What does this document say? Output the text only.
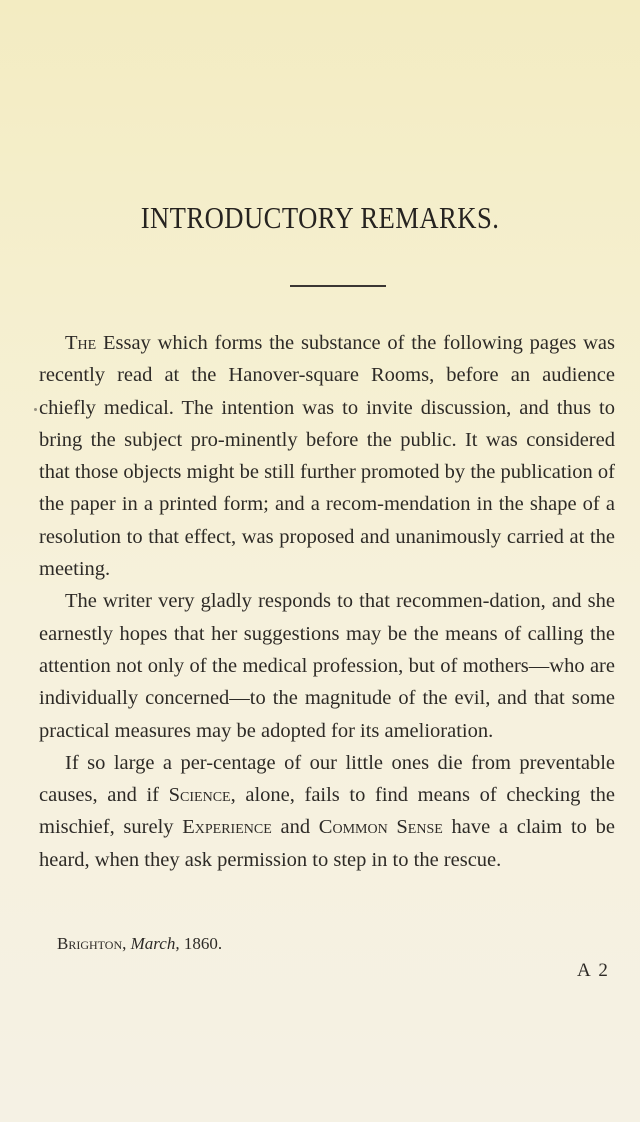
INTRODUCTORY REMARKS.

The Essay which forms the substance of the following pages was recently read at the Hanover-square Rooms, before an audience chiefly medical. The intention was to invite discussion, and thus to bring the subject pro-minently before the public. It was considered that those objects might be still further promoted by the publication of the paper in a printed form; and a recom-mendation in the shape of a resolution to that effect, was proposed and unanimously carried at the meeting.

The writer very gladly responds to that recommen-dation, and she earnestly hopes that her suggestions may be the means of calling the attention not only of the medical profession, but of mothers—who are individually concerned—to the magnitude of the evil, and that some practical measures may be adopted for its amelioration.

If so large a per-centage of our little ones die from preventable causes, and if Science, alone, fails to find means of checking the mischief, surely Experience and Common Sense have a claim to be heard, when they ask permission to step in to the rescue.

Brighton, March, 1860.
A 2
